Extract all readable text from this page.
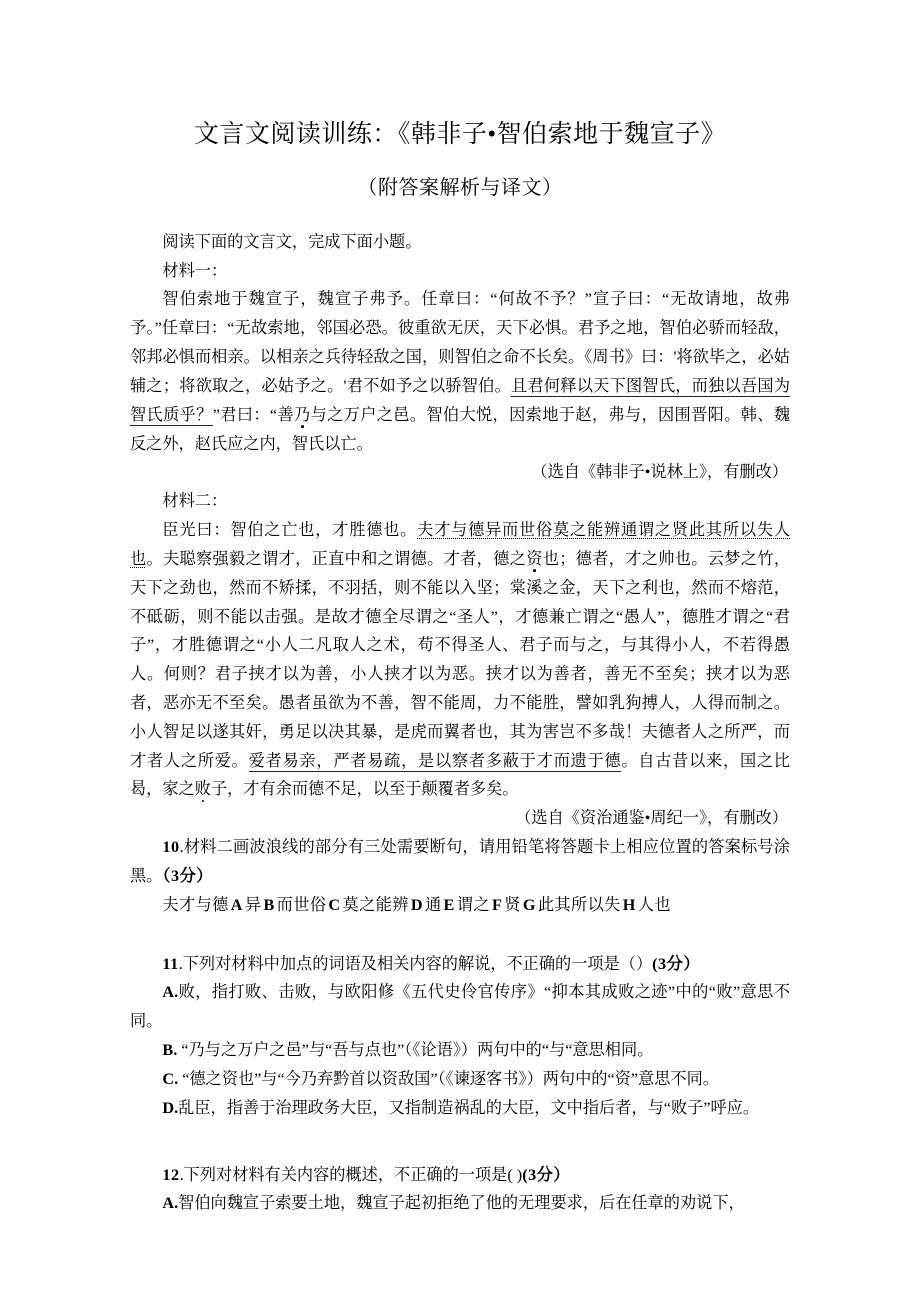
文言文阅读训练：《韩非子•智伯索地于魏宣子》
（附答案解析与译文）

阅读下面的文言文，完成下面小题。

材料一：

智伯索地于魏宣子，魏宣子弗予。任章曰：“何故不予？”宣子曰：“无故请地，故弗予。”任章曰：“无故索地，邻国必恐。彼重欲无厌，天下必惧。君予之地，智伯必骄而轻敌，邻邦必惧而相亲。以相亲之兵待轻敌之国，则智伯之命不长矣。《周书》曰：'将欲毕之，必姑辅之；将欲取之，必姑予之。'君不如予之以骄智伯。且君何释以天下图智氏，而独以吾国为智氏质乎？”君曰：“善乃与之万户之邑。智伯大悦，因索地于赵，弗与，因围晋阳。韩、魏反之外，赵氏应之内，智氏以亡。

（选自《韩非子•说林上》，有删改）

材料二：

臣光曰：智伯之亡也，才胜德也。夫才与德异而世俗莫之能辨通谓之贤此其所以失人也。夫聪察强毅之谓才，正直中和之谓德。才者，德之资也；德者，才之帅也。云梦之竹，天下之劲也，然而不矫揉，不羽括，则不能以入坚；棠溪之金，天下之利也，然而不熔范，不砥砺，则不能以击强。是故才德全尽谓之“圣人”，才德兼亡谓之“愚人”，德胜才谓之“君子”，才胜德谓之“小人二凡取人之术，苟不得圣人、君子而与之，与其得小人，不若得愚人。何则？君子挟才以为善，小人挟才以为恶。挟才以为善者，善无不至矣；挟才以为恶者，恶亦无不至矣。愚者虽欲为不善，智不能周，力不能胜，譬如乳狗搏人，人得而制之。小人智足以遂其奸，勇足以决其暴，是虎而翼者也，其为害岂不多哉！夫德者人之所严，而才者人之所爱。爱者易亲，严者易疏，是以察者多蔽于才而遗于德。自古昔以来，国之比曷，家之败子，才有余而德不足，以至于颠覆者多矣。

（选自《资治通鉴•周纪一》，有删改）

10.材料二画波浪线的部分有三处需要断句，请用铅笔将答题卡上相应位置的答案标号涂黑。（3分）

夫才与德 A 异 B 而世俗 C 莫之能辨 D 通 E 谓之 F 贤 G 此其所以失 H 人也

11.下列对材料中加点的词语及相关内容的解说，不正确的一项是（）(3分）

A.败，指打败、击败，与欧阳修《五代史伶官传序》“抑本其成败之迹”中的“败”意思不同。

B. “乃与之万户之邑”与“吾与点也”（《论语》）两句中的“与“意思相同。

C. “德之资也”与“今乃弃黔首以资敌国”（《谏逐客书》）两句中的“资”意思不同。

D.乱臣，指善于治理政务大臣，又指制造祸乱的大臣，文中指后者，与“败子”呼应。

12.下列对材料有关内容的概述，不正确的一项是( )(3分）

A.智伯向魏宣子索要土地，魏宣子起初拒绝了他的无理要求，后在任章的劝说下，
